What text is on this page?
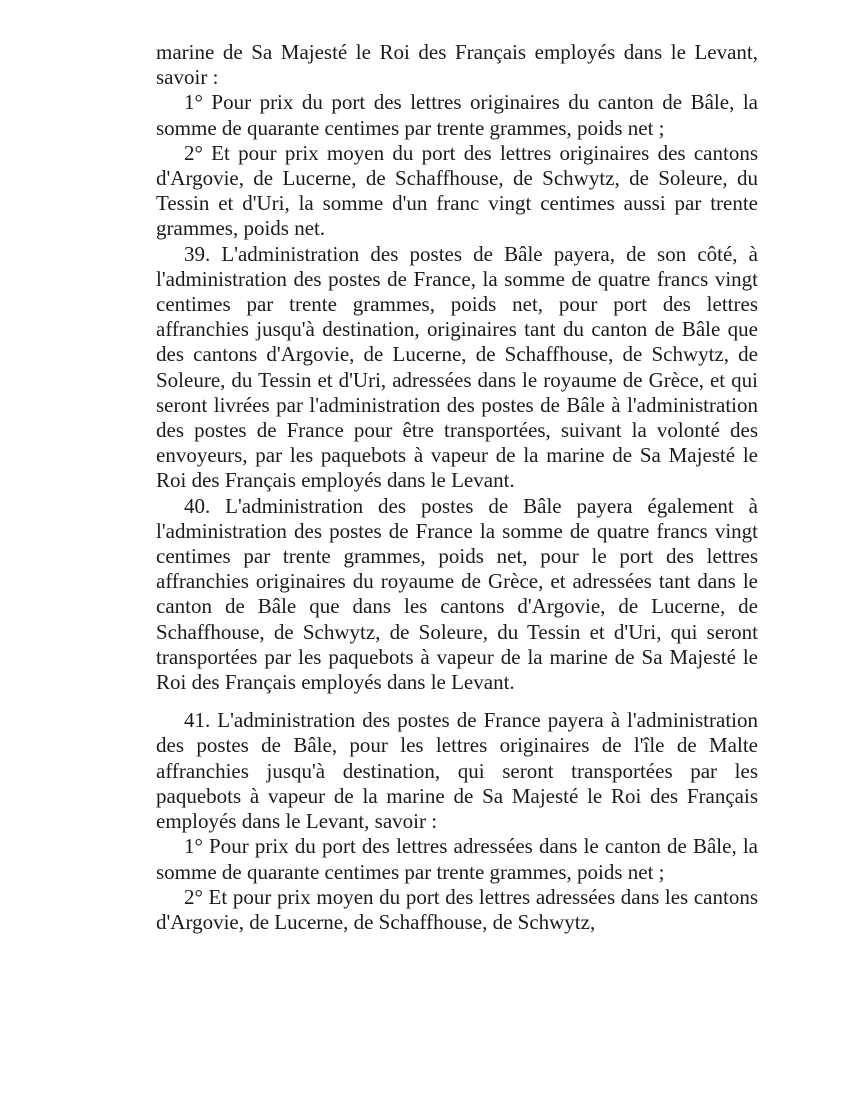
marine de Sa Majesté le Roi des Français employés dans le Levant, savoir :

1° Pour prix du port des lettres originaires du canton de Bâle, la somme de quarante centimes par trente grammes, poids net ;

2° Et pour prix moyen du port des lettres originaires des cantons d'Argovie, de Lucerne, de Schaffhouse, de Schwytz, de Soleure, du Tessin et d'Uri, la somme d'un franc vingt centimes aussi par trente grammes, poids net.

39. L'administration des postes de Bâle payera, de son côté, à l'administration des postes de France, la somme de quatre francs vingt centimes par trente grammes, poids net, pour port des lettres affranchies jusqu'à destination, originaires tant du canton de Bâle que des cantons d'Argovie, de Lucerne, de Schaffhouse, de Schwytz, de Soleure, du Tessin et d'Uri, adressées dans le royaume de Grèce, et qui seront livrées par l'administration des postes de Bâle à l'administration des postes de France pour être transportées, suivant la volonté des envoyeurs, par les paquebots à vapeur de la marine de Sa Majesté le Roi des Français employés dans le Levant.

40. L'administration des postes de Bâle payera également à l'administration des postes de France la somme de quatre francs vingt centimes par trente grammes, poids net, pour le port des lettres affranchies originaires du royaume de Grèce, et adressées tant dans le canton de Bâle que dans les cantons d'Argovie, de Lucerne, de Schaffhouse, de Schwytz, de Soleure, du Tessin et d'Uri, qui seront transportées par les paquebots à vapeur de la marine de Sa Majesté le Roi des Français employés dans le Levant.

41. L'administration des postes de France payera à l'administration des postes de Bâle, pour les lettres originaires de l'île de Malte affranchies jusqu'à destination, qui seront transportées par les paquebots à vapeur de la marine de Sa Majesté le Roi des Français employés dans le Levant, savoir :

1° Pour prix du port des lettres adressées dans le canton de Bâle, la somme de quarante centimes par trente grammes, poids net ;

2° Et pour prix moyen du port des lettres adressées dans les cantons d'Argovie, de Lucerne, de Schaffhouse, de Schwytz,
